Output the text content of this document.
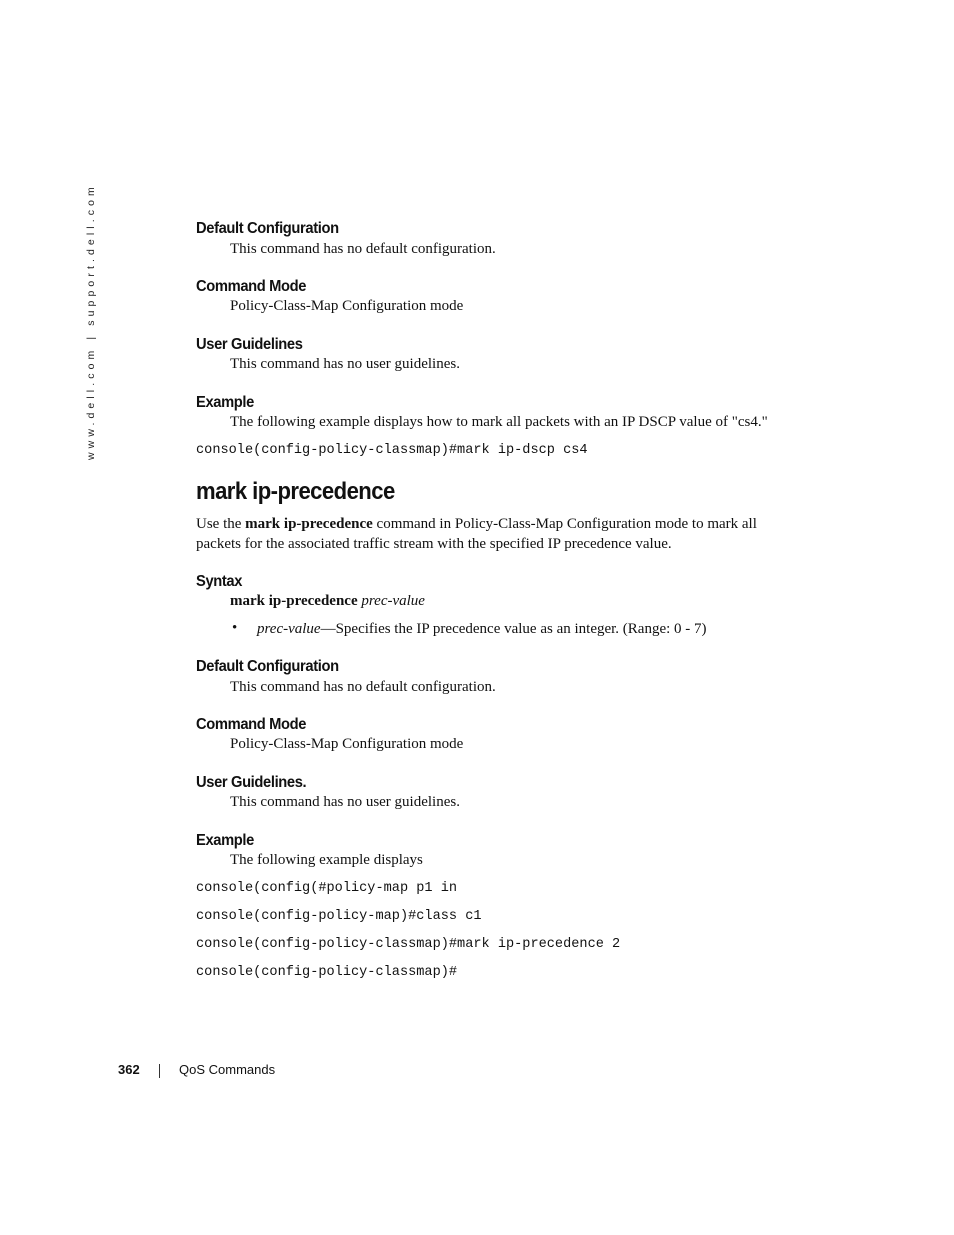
www.dell.com | support.dell.com	Default Configuration

This command has no default configuration.

Command Mode

Policy-Class-Map Configuration mode

User Guidelines

This command has no user guidelines.

Example

The following example displays how to mark all packets with an IP DSCP value of "cs4."

console(config-policy-classmap)#mark ip-dscp cs4

mark ip-precedence

Use the mark ip-precedence command in Policy-Class-Map Configuration mode to mark all packets for the associated traffic stream with the specified IP precedence value.

Syntax

mark ip-precedence prec-value

• prec-value—Specifies the IP precedence value as an integer. (Range: 0 - 7)

Default Configuration

This command has no default configuration.

Command Mode

Policy-Class-Map Configuration mode

User Guidelines.

This command has no user guidelines.

Example

The following example displays

console(config(#policy-map p1 in

console(config-policy-map)#class c1

console(config-policy-classmap)#mark ip-precedence 2

console(config-policy-classmap)#

362	QoS Commands
